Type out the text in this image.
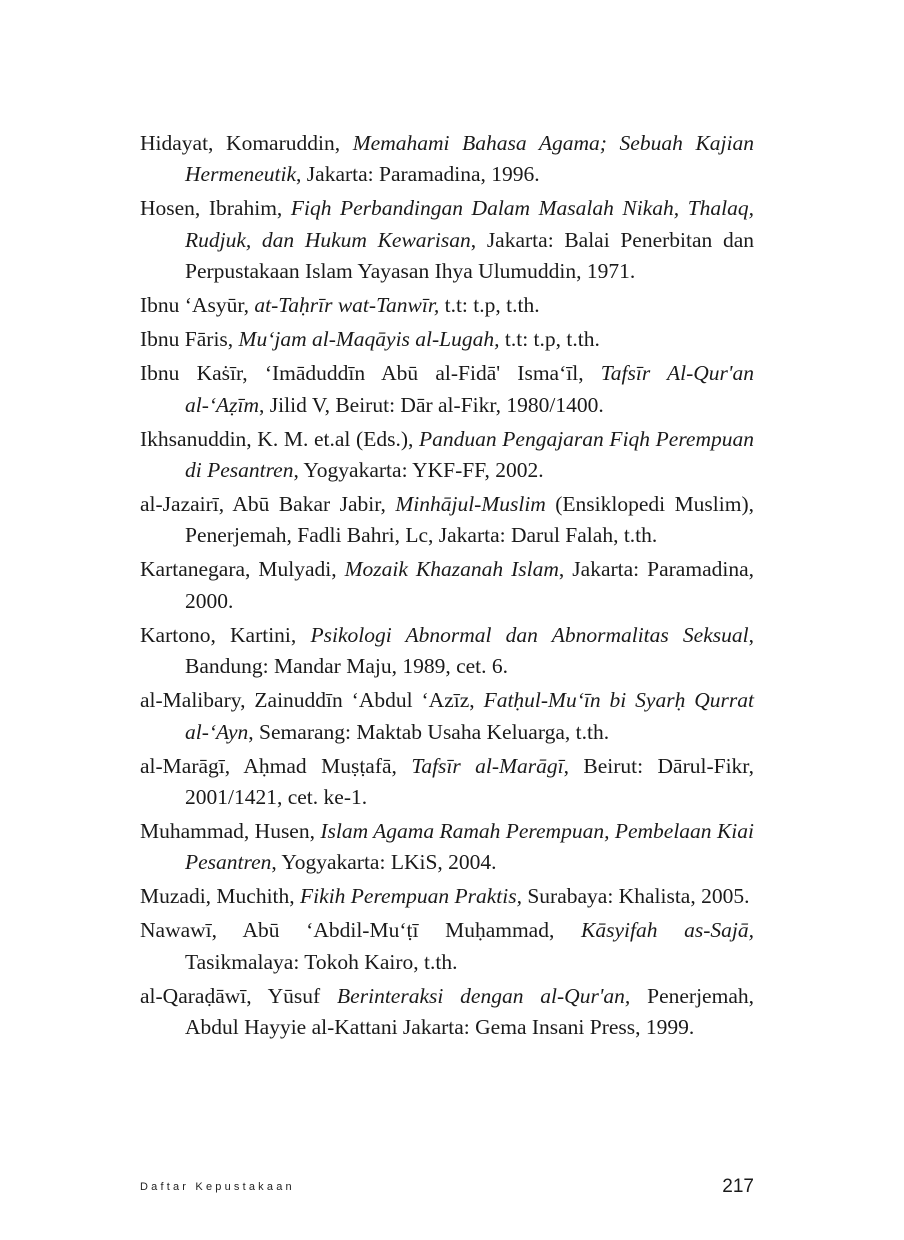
Hidayat, Komaruddin, Memahami Bahasa Agama; Sebuah Kajian Hermeneutik, Jakarta: Paramadina, 1996.

Hosen, Ibrahim, Fiqh Perbandingan Dalam Masalah Nikah, Thalaq, Rudjuk, dan Hukum Kewarisan, Jakarta: Balai Penerbitan dan Perpustakaan Islam Yayasan Ihya Ulumuddin, 1971.

Ibnu ‘Asyūr, at-Taḥrīr wat-Tanwīr, t.t: t.p, t.th.

Ibnu Fāris, Mu‘jam al-Maqāyis al-Lugah, t.t: t.p, t.th.

Ibnu Kaṡīr, ‘Imāduddīn Abū al-Fidā' Isma‘īl, Tafsīr Al-Qur'an al-‘Aẓīm, Jilid V, Beirut: Dār al-Fikr, 1980/1400.

Ikhsanuddin, K. M. et.al (Eds.), Panduan Pengajaran Fiqh Perempuan di Pesantren, Yogyakarta: YKF-FF, 2002.

al-Jazairī, Abū Bakar Jabir, Minhājul-Muslim (Ensiklopedi Muslim), Penerjemah, Fadli Bahri, Lc, Jakarta: Darul Falah, t.th.

Kartanegara, Mulyadi, Mozaik Khazanah Islam, Jakarta: Paramadina, 2000.

Kartono, Kartini, Psikologi Abnormal dan Abnormalitas Seksual, Bandung: Mandar Maju, 1989, cet. 6.

al-Malibary, Zainuddīn ‘Abdul ‘Azīz, Fatḥul-Mu‘īn bi Syarḥ Qurrat al-‘Ayn, Semarang: Maktab Usaha Keluarga, t.th.

al-Marāgī, Aḥmad Muṣṭafā, Tafsīr al-Marāgī, Beirut: Dārul-Fikr, 2001/1421, cet. ke-1.

Muhammad, Husen, Islam Agama Ramah Perempuan, Pembelaan Kiai Pesantren, Yogyakarta: LKiS, 2004.

Muzadi, Muchith, Fikih Perempuan Praktis, Surabaya: Khalista, 2005.

Nawawī, Abū ‘Abdil-Mu‘ṭī Muḥammad, Kāsyifah as-Sajā, Tasikmalaya: Tokoh Kairo, t.th.

al-Qaraḍāwī, Yūsuf Berinteraksi dengan al-Qur'an, Penerjemah, Abdul Hayyie al-Kattani Jakarta: Gema Insani Press, 1999.

Daftar Kepustakaan	217
